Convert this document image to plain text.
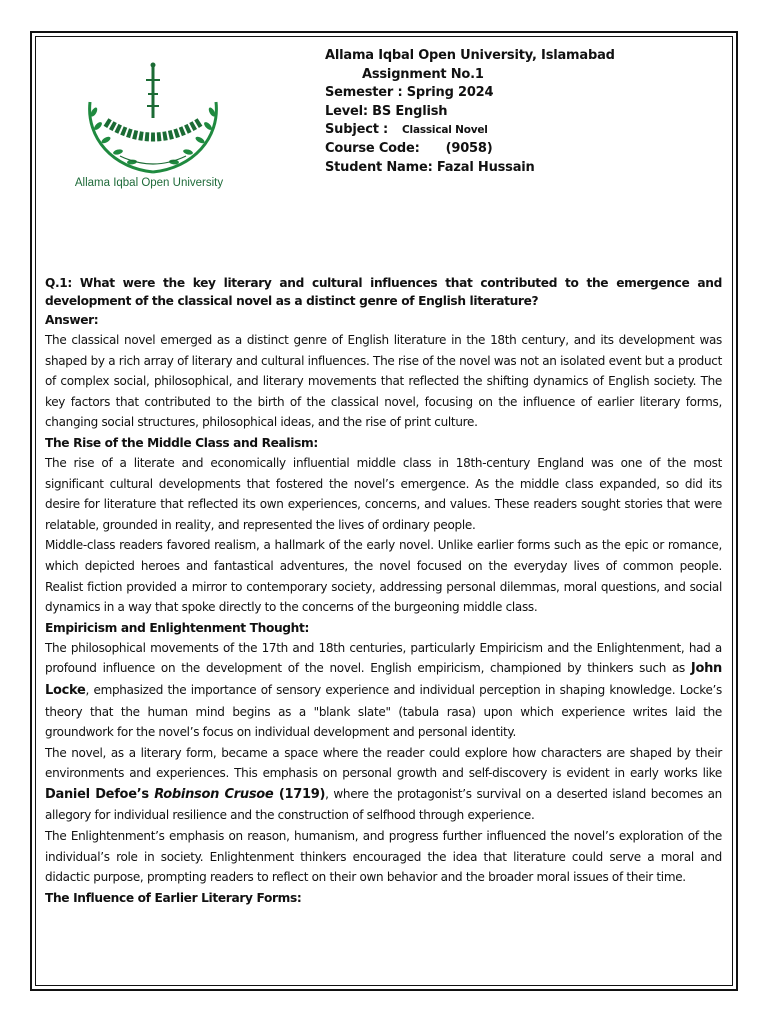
Allama Iqbal Open University
Allama Iqbal Open University, Islamabad
Assignment No.1
Semester : Spring 2024
Level: BS English
Subject : Classical Novel
Course Code: (9058)
Student Name: Fazal Hussain

Q.1: What were the key literary and cultural influences that contributed to the emergence and development of the classical novel as a distinct genre of English literature?

Answer:

The classical novel emerged as a distinct genre of English literature in the 18th century, and its development was shaped by a rich array of literary and cultural influences. The rise of the novel was not an isolated event but a product of complex social, philosophical, and literary movements that reflected the shifting dynamics of English society. The key factors that contributed to the birth of the classical novel, focusing on the influence of earlier literary forms, changing social structures, philosophical ideas, and the rise of print culture.

The Rise of the Middle Class and Realism:

The rise of a literate and economically influential middle class in 18th-century England was one of the most significant cultural developments that fostered the novel’s emergence. As the middle class expanded, so did its desire for literature that reflected its own experiences, concerns, and values. These readers sought stories that were relatable, grounded in reality, and represented the lives of ordinary people.

Middle-class readers favored realism, a hallmark of the early novel. Unlike earlier forms such as the epic or romance, which depicted heroes and fantastical adventures, the novel focused on the everyday lives of common people. Realist fiction provided a mirror to contemporary society, addressing personal dilemmas, moral questions, and social dynamics in a way that spoke directly to the concerns of the burgeoning middle class.

Empiricism and Enlightenment Thought:

The philosophical movements of the 17th and 18th centuries, particularly Empiricism and the Enlightenment, had a profound influence on the development of the novel. English empiricism, championed by thinkers such as John Locke, emphasized the importance of sensory experience and individual perception in shaping knowledge. Locke’s theory that the human mind begins as a "blank slate" (tabula rasa) upon which experience writes laid the groundwork for the novel’s focus on individual development and personal identity.

The novel, as a literary form, became a space where the reader could explore how characters are shaped by their environments and experiences. This emphasis on personal growth and self-discovery is evident in early works like Daniel Defoe’s Robinson Crusoe (1719), where the protagonist’s survival on a deserted island becomes an allegory for individual resilience and the construction of selfhood through experience.

The Enlightenment’s emphasis on reason, humanism, and progress further influenced the novel’s exploration of the individual’s role in society. Enlightenment thinkers encouraged the idea that literature could serve a moral and didactic purpose, prompting readers to reflect on their own behavior and the broader moral issues of their time.

The Influence of Earlier Literary Forms:
